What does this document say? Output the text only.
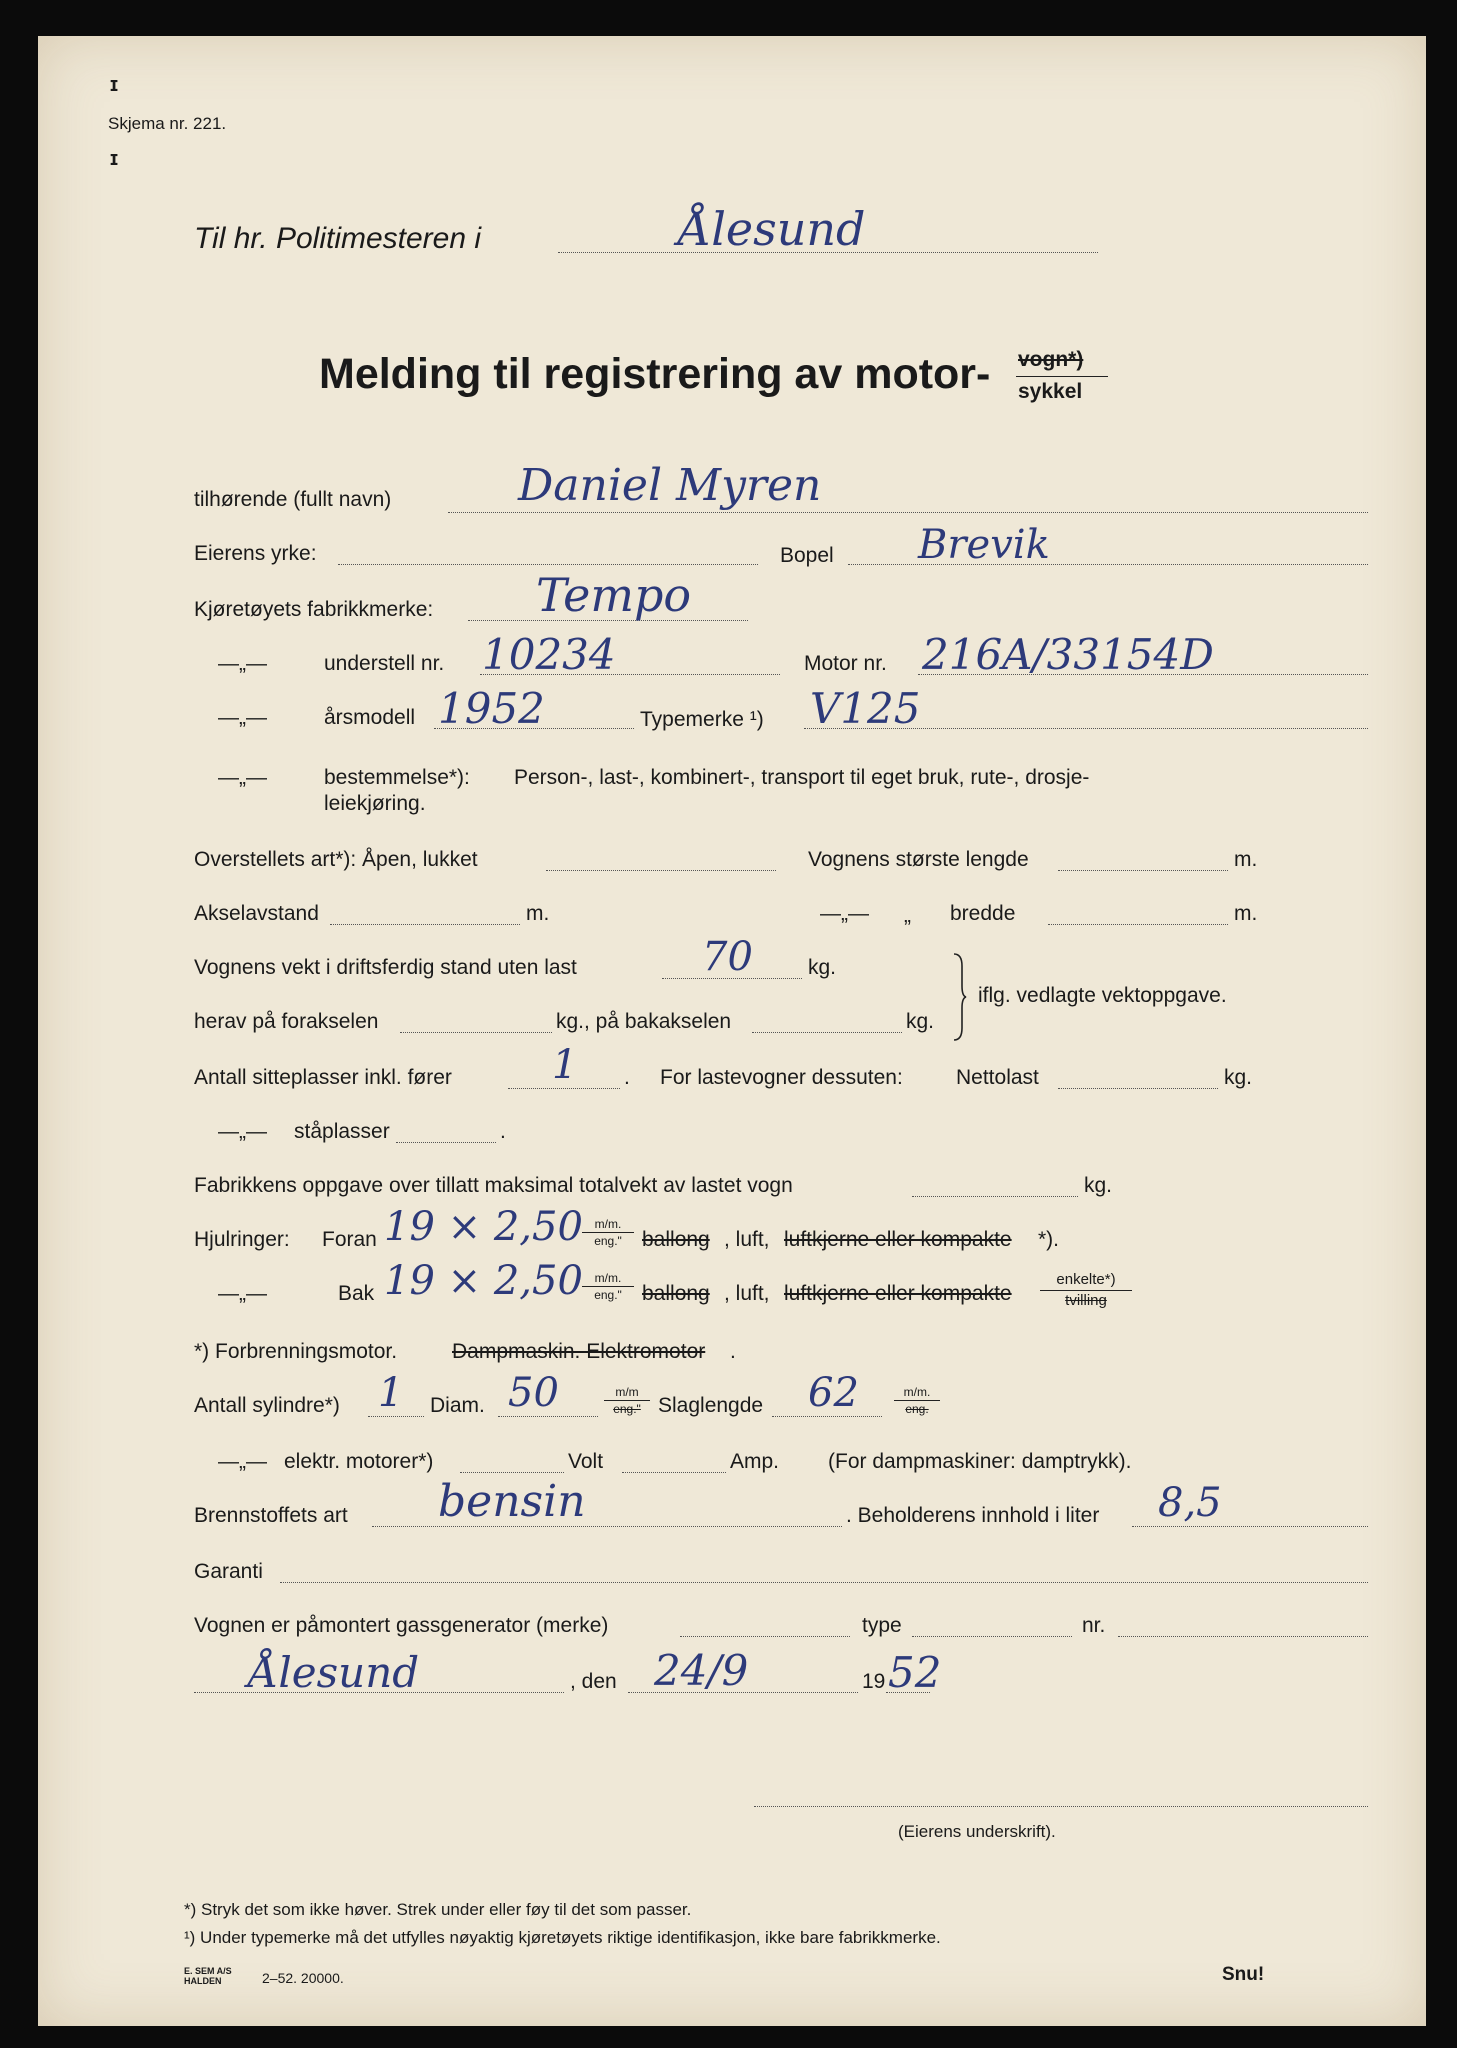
ɪ
Skjema nr. 221.
ɪ
Til hr. Politimesteren i	Ålesund
Melding til registrering av motor- vogn*)
sykkel
tilhørende (fullt navn)	Daniel Myren
Eierens yrke:	Bopel Brevik
Kjøretøyets fabrikkmerke: Tempo
—„—	understell nr. 10234	Motor nr. 216A/33154D
—„—	årsmodell 1952	Typemerke ¹) V125
—„—	bestemmelse*): Person-, last-, kombinert-, transport til eget bruk, rute-, drosje-
leiekjøring.
Overstellets art*): Åpen, lukket	Vognens største lengde	m.
Akselavstand	m.	—„— „ bredde	m.
Vognens vekt i driftsferdig stand uten last	70	kg.
herav på forakselen	kg., på bakakselen	kg.
iflg. vedlagte vektoppgave.
Antall sitteplasser inkl. fører	1 . For lastevogner dessuten:	Nettolast	kg.
—„— ståplasser	.
Fabrikkens oppgave over tillatt maksimal totalvekt av lastet vogn	kg.
Hjulringer: Foran 19 × 2,50 m/m.
eng." ballong , luft, luftkjerne eller kompakte *).
—„—	Bak 19 × 2,50 m/m.
eng." ballong , luft, luftkjerne eller kompakte
enkelte*)
tvilling
*) Forbrenningsmotor.	Dampmaskin. Elektromotor .
Antall sylindre*) 1 Diam. 50	m/m
eng." Slaglengde 62	m/m.
eng.
—„— elektr. motorer*)	Volt	Amp. (For dampmaskiner: damptrykk).
Brennstoffets art bensin	. Beholderens innhold i liter 8,5
Garanti
Vognen er påmontert gassgenerator (merke)	type	nr.
Ålesund	, den 24/9	19 52
(Eierens underskrift).
*) Stryk det som ikke høver. Strek under eller føy til det som passer.
¹) Under typemerke må det utfylles nøyaktig kjøretøyets riktige identifikasjon, ikke bare fabrikkmerke.
E. SEM A/S
HALDEN	2–52. 20000.	Snu!
